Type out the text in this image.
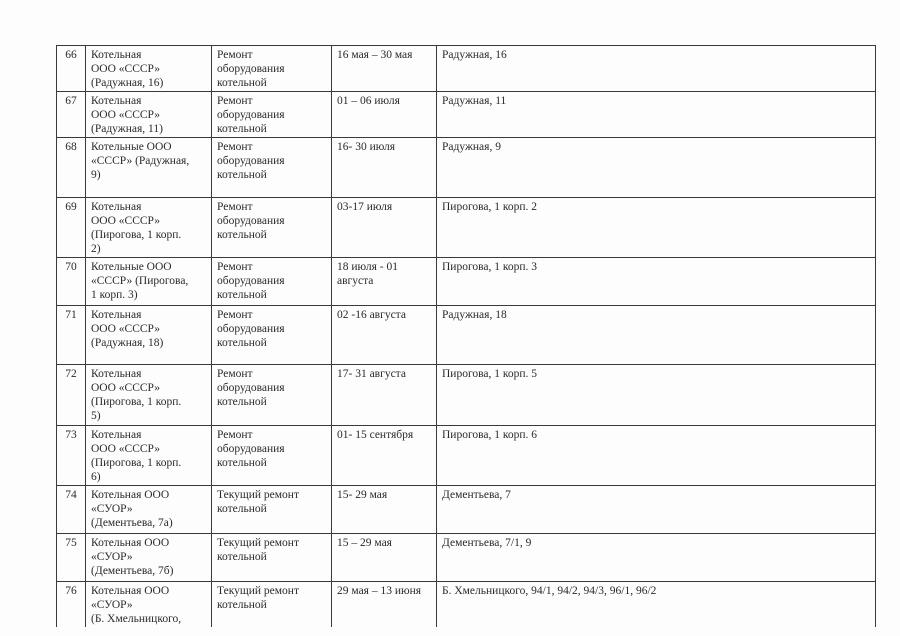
66	Котельная
ООО «СССР»
(Радужная, 16)	Ремонт
оборудования
котельной	16 мая – 30 мая	Радужная, 16
67	Котельная
ООО «СССР»
(Радужная, 11)	Ремонт
оборудования
котельной	01 – 06 июля	Радужная, 11
68	Котельные ООО
«СССР» (Радужная,
9)	Ремонт
оборудования
котельной	16- 30 июля	Радужная, 9
69	Котельная
ООО «СССР»
(Пирогова, 1 корп.
2)	Ремонт
оборудования
котельной	03-17 июля	Пирогова, 1 корп. 2
70	Котельные ООО
«СССР» (Пирогова,
1 корп. 3)	Ремонт
оборудования
котельной	18 июля - 01
августа	Пирогова, 1 корп. 3
71	Котельная
ООО «СССР»
(Радужная, 18)	Ремонт
оборудования
котельной	02 -16 августа	Радужная, 18
72	Котельная
ООО «СССР»
(Пирогова, 1 корп.
5)	Ремонт
оборудования
котельной	17- 31 августа	Пирогова, 1 корп. 5
73	Котельная
ООО «СССР»
(Пирогова, 1 корп.
6)	Ремонт
оборудования
котельной	01- 15 сентября	Пирогова, 1 корп. 6
74	Котельная ООО
«СУОР»
(Дементьева, 7а)	Текущий ремонт
котельной	15- 29 мая	Дементьева, 7
75	Котельная ООО
«СУОР»
(Дементьева, 7б)	Текущий ремонт
котельной	15 – 29 мая	Дементьева, 7/1, 9
76	Котельная ООО
«СУОР»
(Б. Хмельницкого,	Текущий ремонт
котельной	29 мая – 13 июня	Б. Хмельницкого, 94/1, 94/2, 94/3, 96/1, 96/2
